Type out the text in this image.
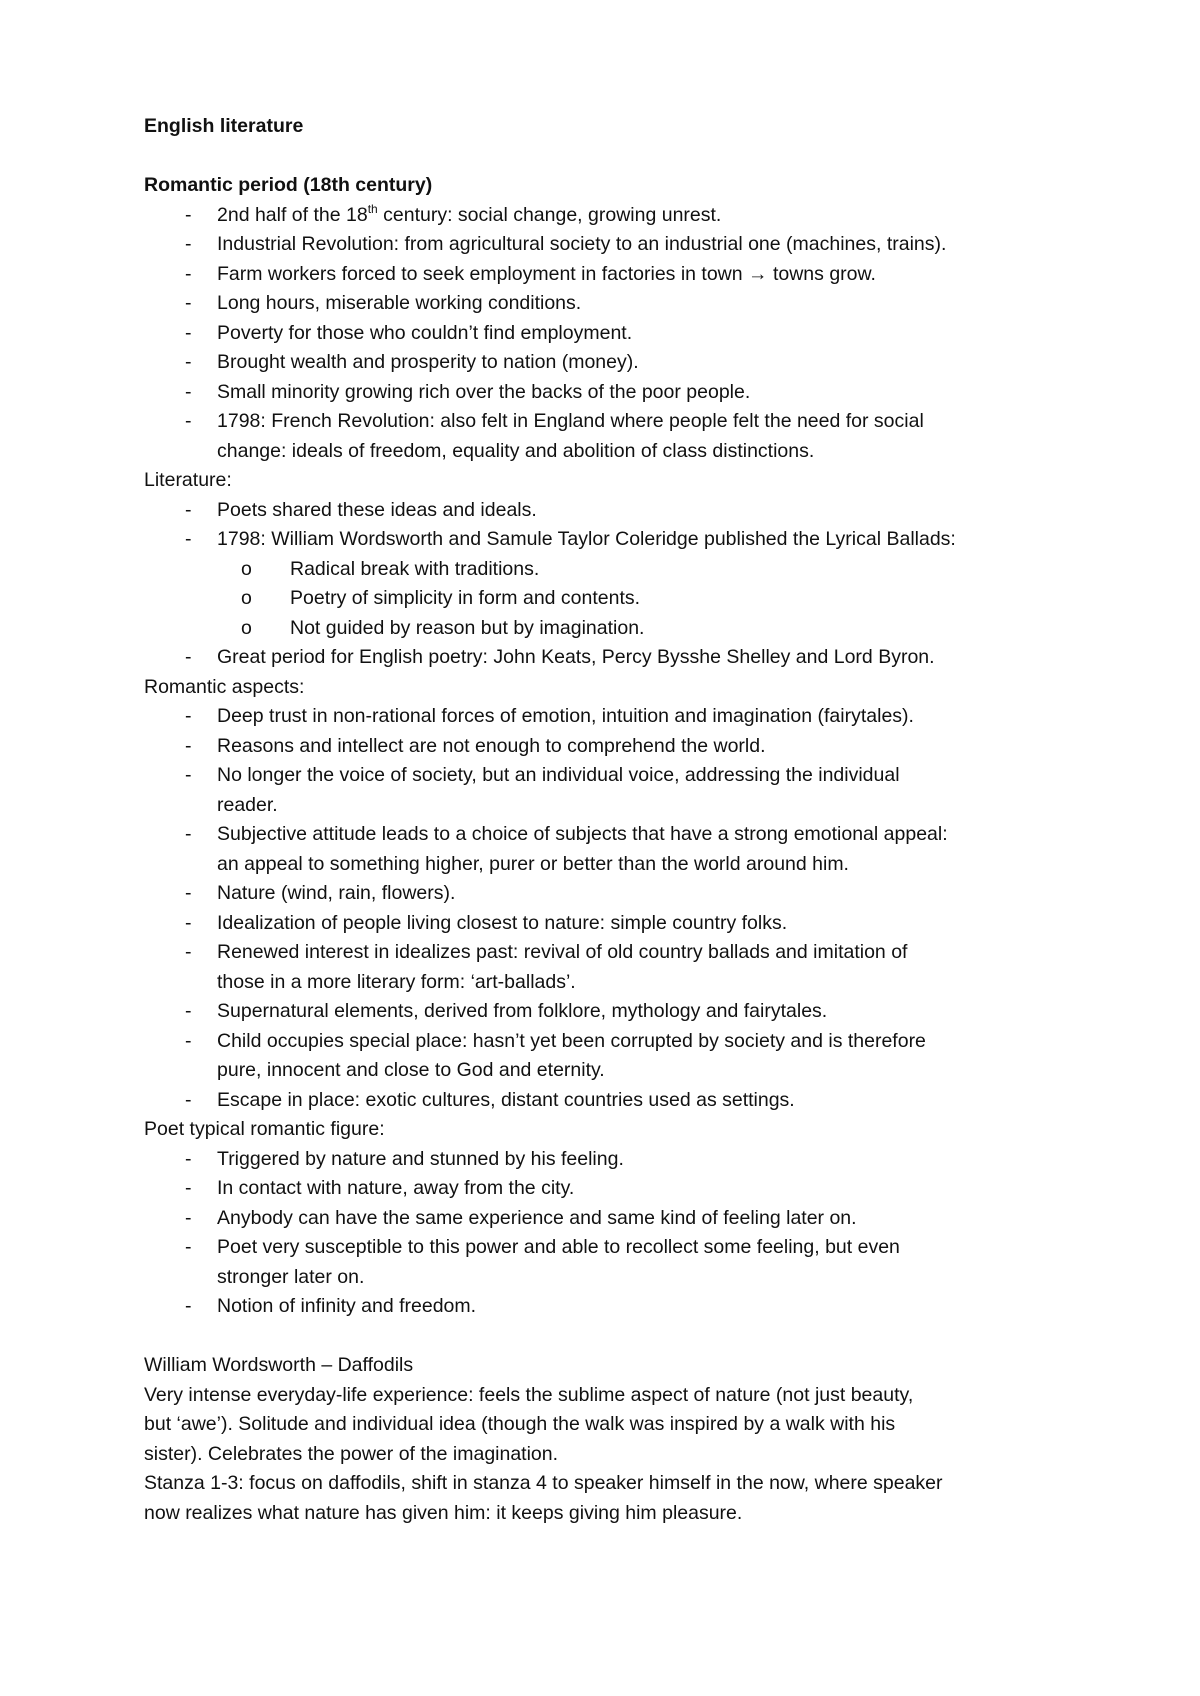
English literature

Romantic period (18th century)

- 2nd half of the 18th century: social change, growing unrest.
- Industrial Revolution: from agricultural society to an industrial one (machines, trains).

- Farm workers forced to seek employment in factories in town → towns grow.
- Long hours, miserable working conditions.

- Poverty for those who couldn’t find employment.

- Brought wealth and prosperity to nation (money).

- Small minority growing rich over the backs of the poor people.

- 1798: French Revolution: also felt in England where people felt the need for social

change: ideals of freedom, equality and abolition of class distinctions.

Literature:

- Poets shared these ideas and ideals.

- 1798: William Wordsworth and Samule Taylor Coleridge published the Lyrical Ballads:

o Radical break with traditions.

o Poetry of simplicity in form and contents.

o Not guided by reason but by imagination.

- Great period for English poetry: John Keats, Percy Bysshe Shelley and Lord Byron.

Romantic aspects:

- Deep trust in non-rational forces of emotion, intuition and imagination (fairytales).

- Reasons and intellect are not enough to comprehend the world.

- No longer the voice of society, but an individual voice, addressing the individual

reader.

- Subjective attitude leads to a choice of subjects that have a strong emotional appeal:

an appeal to something higher, purer or better than the world around him.

- Nature (wind, rain, flowers).

- Idealization of people living closest to nature: simple country folks.

- Renewed interest in idealizes past: revival of old country ballads and imitation of

those in a more literary form: ‘art-ballads’.

- Supernatural elements, derived from folklore, mythology and fairytales.

- Child occupies special place: hasn’t yet been corrupted by society and is therefore

pure, innocent and close to God and eternity.

- Escape in place: exotic cultures, distant countries used as settings.

Poet typical romantic figure:

- Triggered by nature and stunned by his feeling.

- In contact with nature, away from the city.

- Anybody can have the same experience and same kind of feeling later on.

- Poet very susceptible to this power and able to recollect some feeling, but even

stronger later on.

- Notion of infinity and freedom.

William Wordsworth – Daffodils

Very intense everyday-life experience: feels the sublime aspect of nature (not just beauty,

but ‘awe’). Solitude and individual idea (though the walk was inspired by a walk with his

sister). Celebrates the power of the imagination.

Stanza 1-3: focus on daffodils, shift in stanza 4 to speaker himself in the now, where speaker

now realizes what nature has given him: it keeps giving him pleasure.
